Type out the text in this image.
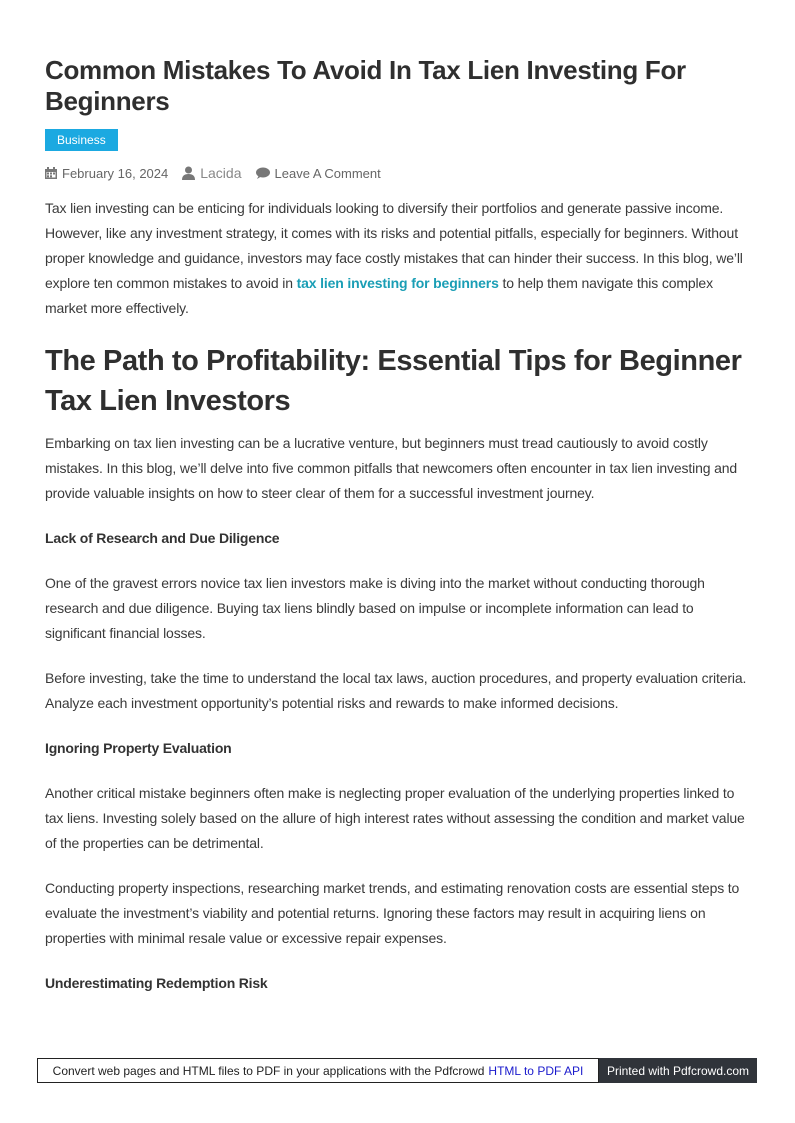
Common Mistakes To Avoid In Tax Lien Investing For Beginners
Business
February 16, 2024 Lacida	Leave A Comment

Tax lien investing can be enticing for individuals looking to diversify their portfolios and generate passive income. However, like any investment strategy, it comes with its risks and potential pitfalls, especially for beginners. Without proper knowledge and guidance, investors may face costly mistakes that can hinder their success. In this blog, we’ll explore ten common mistakes to avoid in tax lien investing for beginners to help them navigate this complex market more effectively.

The Path to Profitability: Essential Tips for Beginner Tax Lien Investors

Embarking on tax lien investing can be a lucrative venture, but beginners must tread cautiously to avoid costly mistakes. In this blog, we’ll delve into five common pitfalls that newcomers often encounter in tax lien investing and provide valuable insights on how to steer clear of them for a successful investment journey.

Lack of Research and Due Diligence

One of the gravest errors novice tax lien investors make is diving into the market without conducting thorough research and due diligence. Buying tax liens blindly based on impulse or incomplete information can lead to significant financial losses.

Before investing, take the time to understand the local tax laws, auction procedures, and property evaluation criteria. Analyze each investment opportunity’s potential risks and rewards to make informed decisions.

Ignoring Property Evaluation

Another critical mistake beginners often make is neglecting proper evaluation of the underlying properties linked to tax liens. Investing solely based on the allure of high interest rates without assessing the condition and market value of the properties can be detrimental.

Conducting property inspections, researching market trends, and estimating renovation costs are essential steps to evaluate the investment’s viability and potential returns. Ignoring these factors may result in acquiring liens on properties with minimal resale value or excessive repair expenses.

Underestimating Redemption Risk
Convert web pages and HTML files to PDF in your applications with the Pdfcrowd HTML to PDF API	Printed with Pdfcrowd.com
